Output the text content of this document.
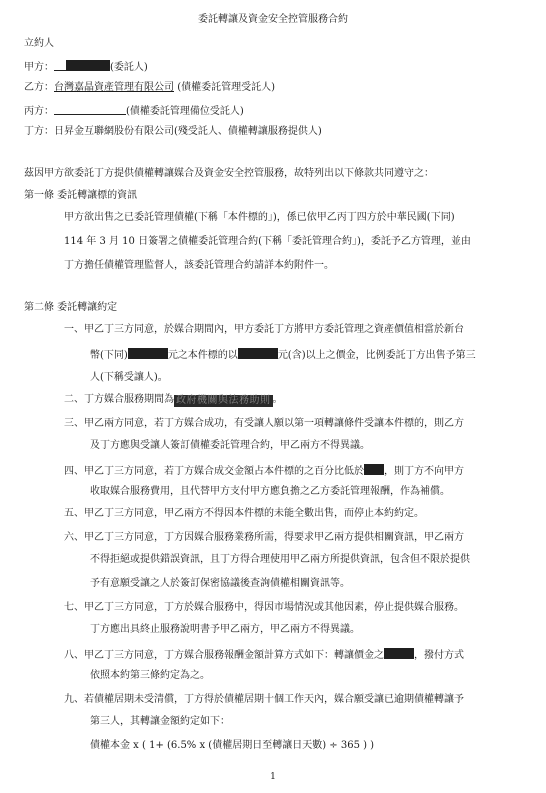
委託轉讓及資金安全控管服務合約
立約人
甲方：	(委託人)
乙方：台灣嘉晶資產管理有限公司 (債權委託管理受託人)
丙方：	(債權委託管理備位受託人)
丁方：日昇金互聯網股份有限公司(殘受託人、債權轉讓服務提供人)
茲因甲方欲委託丁方提供債權轉讓媒合及資金安全控管服務，故特列出以下條款共同遵守之：
第一條 委託轉讓標的資訊
甲方欲出售之已委託管理債權(下稱「本件標的」)，係已依甲乙丙丁四方於中華民國(下同)
114 年 3 月 10 日簽署之債權委託管理合約(下稱「委託管理合約」)，委託予乙方管理，並由
丁方擔任債權管理監督人，該委託管理合約請詳本約附件一。
第二條 委託轉讓約定
一、甲乙丁三方同意，於媒合期間內，甲方委託丁方將甲方委託管理之資產價值相當於新台
幣(下同)	元之本件標的以	元(含)以上之價金，比例委託丁方出售予第三
人(下稱受讓人)。
二、丁方媒合服務期間為 政府機關與法務助則 。
三、甲乙兩方同意，若丁方媒合成功，有受讓人願以第一項轉讓條件受讓本件標的，則乙方
及丁方應與受讓人簽訂債權委託管理合約，甲乙兩方不得異議。
四、甲乙丁三方同意，若丁方媒合成交金額占本件標的之百分比低於 ，則丁方不向甲方
收取媒合服務費用，且代替甲方支付甲方應負擔之乙方委託管理報酬，作為補償。
五、甲乙丁三方同意，甲乙兩方不得因本件標的未能全數出售，而停止本約約定。
六、甲乙丁三方同意，丁方因媒合服務業務所需，得要求甲乙兩方提供相關資訊，甲乙兩方
不得拒絕或提供錯誤資訊，且丁方得合理使用甲乙兩方所提供資訊，包含但不限於提供
予有意願受讓之人於簽訂保密協議後查詢債權相關資訊等。
七、甲乙丁三方同意，丁方於媒合服務中，得因市場情況或其他因素，停止提供媒合服務。
丁方應出具終止服務說明書予甲乙兩方，甲乙兩方不得異議。
八、甲乙丁三方同意，丁方媒合服務報酬金額計算方式如下：轉讓價金之	，撥付方式
依照本約第三條約定為之。
九、若債權居期未受清償，丁方得於債權居期十個工作天內，媒合願受讓已逾期債權轉讓予
第三人，其轉讓金額約定如下：
債權本金 x ( 1+ (6.5% x (債權居期日至轉讓日天數) ÷ 365 ) )
1
